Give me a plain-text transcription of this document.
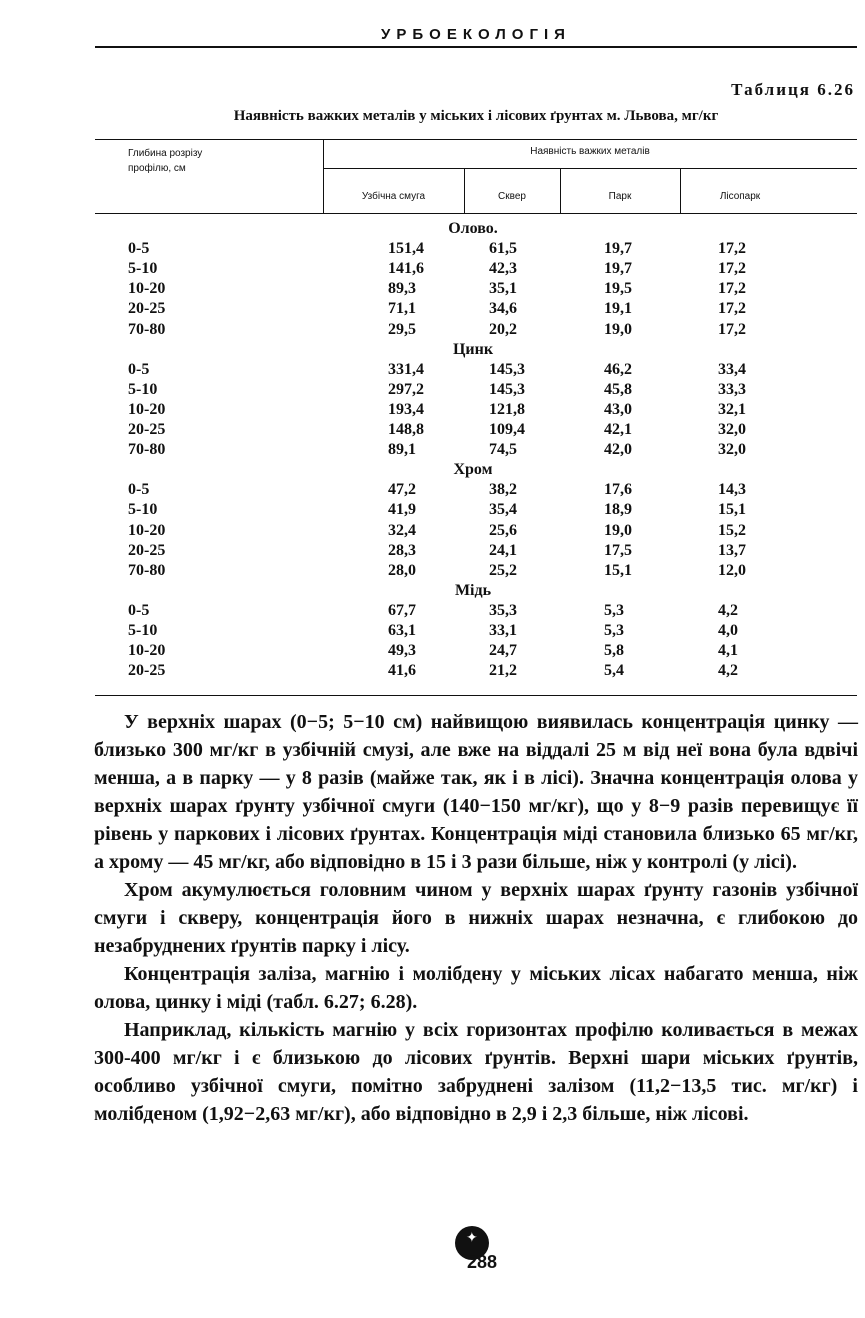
УРБОЕКОЛОГІЯ
Таблиця 6.26
Наявність важких металів у міських і лісових ґрунтах м. Львова, мг/кг
Глибина розрізу профілю, см
Наявність важких металів
Узбічна смуга	Сквер	Парк	Лісопарк
Олово.
0-5	151,4	61,5	19,7	17,2
5-10	141,6	42,3	19,7	17,2
10-20	89,3	35,1	19,5	17,2
20-25	71,1	34,6	19,1	17,2
70-80	29,5	20,2	19,0	17,2
Цинк
0-5	331,4	145,3	46,2	33,4
5-10	297,2	145,3	45,8	33,3
10-20	193,4	121,8	43,0	32,1
20-25	148,8	109,4	42,1	32,0
70-80	89,1	74,5	42,0	32,0
Хром
0-5	47,2	38,2	17,6	14,3
5-10	41,9	35,4	18,9	15,1
10-20	32,4	25,6	19,0	15,2
20-25	28,3	24,1	17,5	13,7
70-80	28,0	25,2	15,1	12,0
Мідь
0-5	67,7	35,3	5,3	4,2
5-10	63,1	33,1	5,3	4,0
10-20	49,3	24,7	5,8	4,1
20-25	41,6	21,2	5,4	4,2

У верхніх шарах (0−5; 5−10 см) найвищою виявилась концентрація цинку — близько 300 мг/кг в узбічній смузі, але вже на віддалі 25 м від неї вона була вдвічі менша, а в парку — у 8 разів (майже так, як і в лісі). Значна концентрація олова у верхніх шарах ґрунту узбічної смуги (140−150 мг/кг), що у 8−9 разів перевищує її рівень у паркових і лісових ґрунтах. Концентрація міді становила близько 65 мг/кг, а хрому — 45 мг/кг, або відповідно в 15 і 3 рази більше, ніж у контролі (у лісі).

Хром акумулюється головним чином у верхніх шарах ґрунту газонів узбічної смуги і скверу, концентрація його в нижніх шарах незначна, є глибокою до незабруднених ґрунтів парку і лісу.

Концентрація заліза, магнію і молібдену у міських лісах набагато менша, ніж олова, цинку і міді (табл. 6.27; 6.28).

Наприклад, кількість магнію у всіх горизонтах профілю коливається в межах 300-400 мг/кг і є близькою до лісових ґрунтів. Верхні шари міських ґрунтів, особливо узбічної смуги, помітно забруднені залізом (11,2−13,5 тис. мг/кг) і молібденом (1,92−2,63 мг/кг), або відповідно в 2,9 і 2,3 більше, ніж лісові.

✦
288
